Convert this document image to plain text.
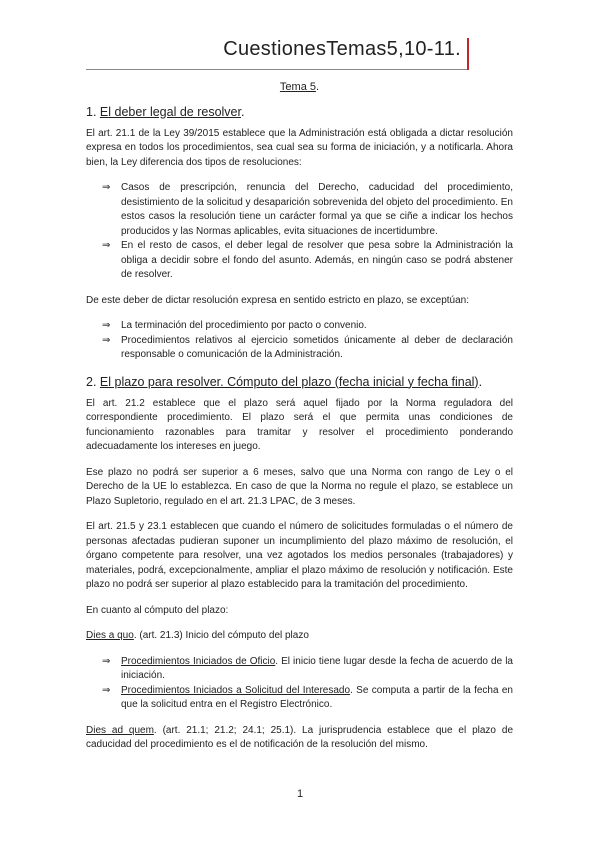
CuestionesTemas5,10-11.
Tema 5.
1. El deber legal de resolver.

El art. 21.1 de la Ley 39/2015 establece que la Administración está obligada a dictar resolución expresa en todos los procedimientos, sea cual sea su forma de iniciación, y a notificarla. Ahora bien, la Ley diferencia dos tipos de resoluciones:

⇒ Casos de prescripción, renuncia del Derecho, caducidad del procedimiento, desistimiento de la solicitud y desaparición sobrevenida del objeto del procedimiento. En estos casos la resolución tiene un carácter formal ya que se ciñe a indicar los hechos producidos y las Normas aplicables, evita situaciones de incertidumbre.
⇒ En el resto de casos, el deber legal de resolver que pesa sobre la Administración la obliga a decidir sobre el fondo del asunto. Además, en ningún caso se podrá abstener de resolver.

De este deber de dictar resolución expresa en sentido estricto en plazo, se exceptúan:

⇒ La terminación del procedimiento por pacto o convenio.
⇒ Procedimientos relativos al ejercicio sometidos únicamente al deber de declaración responsable o comunicación de la Administración.
2. El plazo para resolver. Cómputo del plazo (fecha inicial y fecha final).

El art. 21.2 establece que el plazo será aquel fijado por la Norma reguladora del correspondiente procedimiento. El plazo será el que permita unas condiciones de funcionamiento razonables para tramitar y resolver el procedimiento ponderando adecuadamente los intereses en juego.

Ese plazo no podrá ser superior a 6 meses, salvo que una Norma con rango de Ley o el Derecho de la UE lo establezca. En caso de que la Norma no regule el plazo, se establece un Plazo Supletorio, regulado en el art. 21.3 LPAC, de 3 meses.

El art. 21.5 y 23.1 establecen que cuando el número de solicitudes formuladas o el número de personas afectadas pudieran suponer un incumplimiento del plazo máximo de resolución, el órgano competente para resolver, una vez agotados los medios personales (trabajadores) y materiales, podrá, excepcionalmente, ampliar el plazo máximo de resolución y notificación. Este plazo no podrá ser superior al plazo establecido para la tramitación del procedimiento.

En cuanto al cómputo del plazo:

Dies a quo. (art. 21.3) Inicio del cómputo del plazo

⇒ Procedimientos Iniciados de Oficio. El inicio tiene lugar desde la fecha de acuerdo de la iniciación.
⇒ Procedimientos Iniciados a Solicitud del Interesado. Se computa a partir de la fecha en que la solicitud entra en el Registro Electrónico.

Dies ad quem. (art. 21.1; 21.2; 24.1; 25.1). La jurisprudencia establece que el plazo de caducidad del procedimiento es el de notificación de la resolución del mismo.

1
